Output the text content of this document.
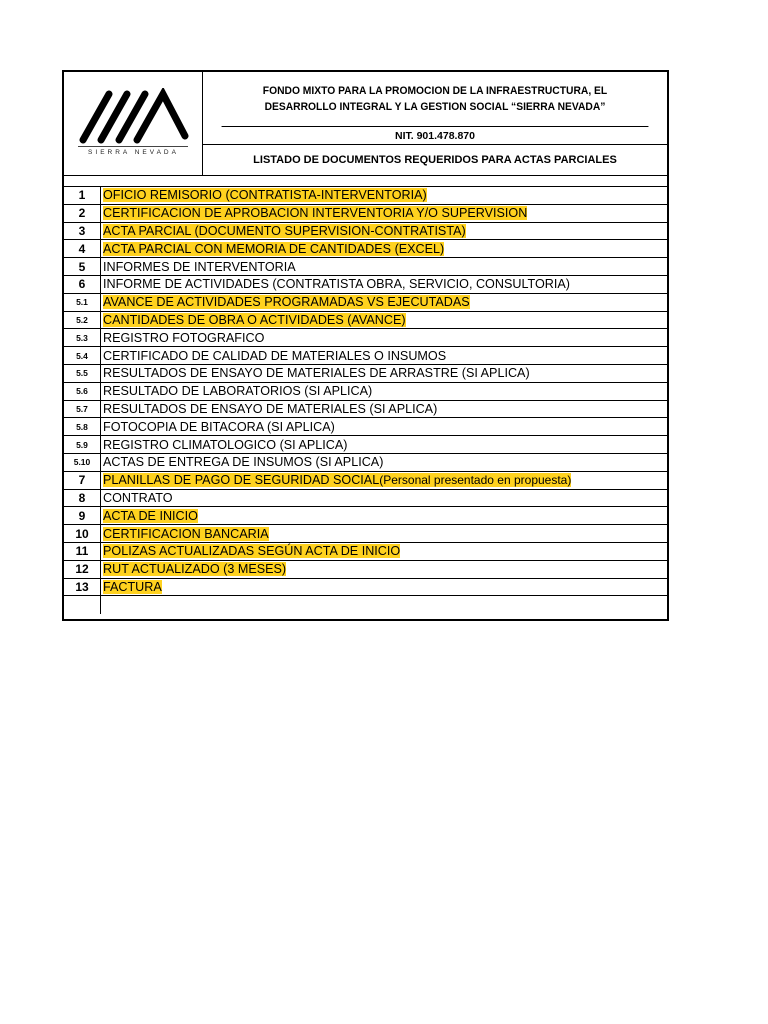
SIERRA NEVADA
FONDO MIXTO PARA LA PROMOCION DE LA INFRAESTRUCTURA, EL DESARROLLO INTEGRAL Y LA GESTION SOCIAL “SIERRA NEVADA”
NIT. 901.478.870
LISTADO DE DOCUMENTOS REQUERIDOS PARA ACTAS PARCIALES
1	OFICIO REMISORIO (CONTRATISTA-INTERVENTORIA)
2	CERTIFICACION DE APROBACION INTERVENTORIA Y/O SUPERVISION
3	ACTA PARCIAL (DOCUMENTO SUPERVISION-CONTRATISTA)
4	ACTA PARCIAL CON MEMORIA DE CANTIDADES (EXCEL)
5	INFORMES DE INTERVENTORIA
6	INFORME DE ACTIVIDADES (CONTRATISTA OBRA, SERVICIO, CONSULTORIA)
5.1	AVANCE DE ACTIVIDADES PROGRAMADAS VS EJECUTADAS
5.2	CANTIDADES DE OBRA O ACTIVIDADES (AVANCE)
5.3	REGISTRO FOTOGRAFICO
5.4	CERTIFICADO DE CALIDAD DE MATERIALES O INSUMOS
5.5	RESULTADOS DE ENSAYO DE MATERIALES DE ARRASTRE (SI APLICA)
5.6	RESULTADO DE LABORATORIOS (SI APLICA)
5.7	RESULTADOS DE ENSAYO DE MATERIALES (SI APLICA)
5.8	FOTOCOPIA DE BITACORA (SI APLICA)
5.9	REGISTRO CLIMATOLOGICO (SI APLICA)
5.10	ACTAS DE ENTREGA DE INSUMOS (SI APLICA)
7	PLANILLAS DE PAGO DE SEGURIDAD SOCIAL (Personal presentado en propuesta)
8	CONTRATO
9	ACTA DE INICIO
10	CERTIFICACION BANCARIA
11	POLIZAS ACTUALIZADAS SEGÚN ACTA DE INICIO
12	RUT ACTUALIZADO (3 MESES)
13	FACTURA
